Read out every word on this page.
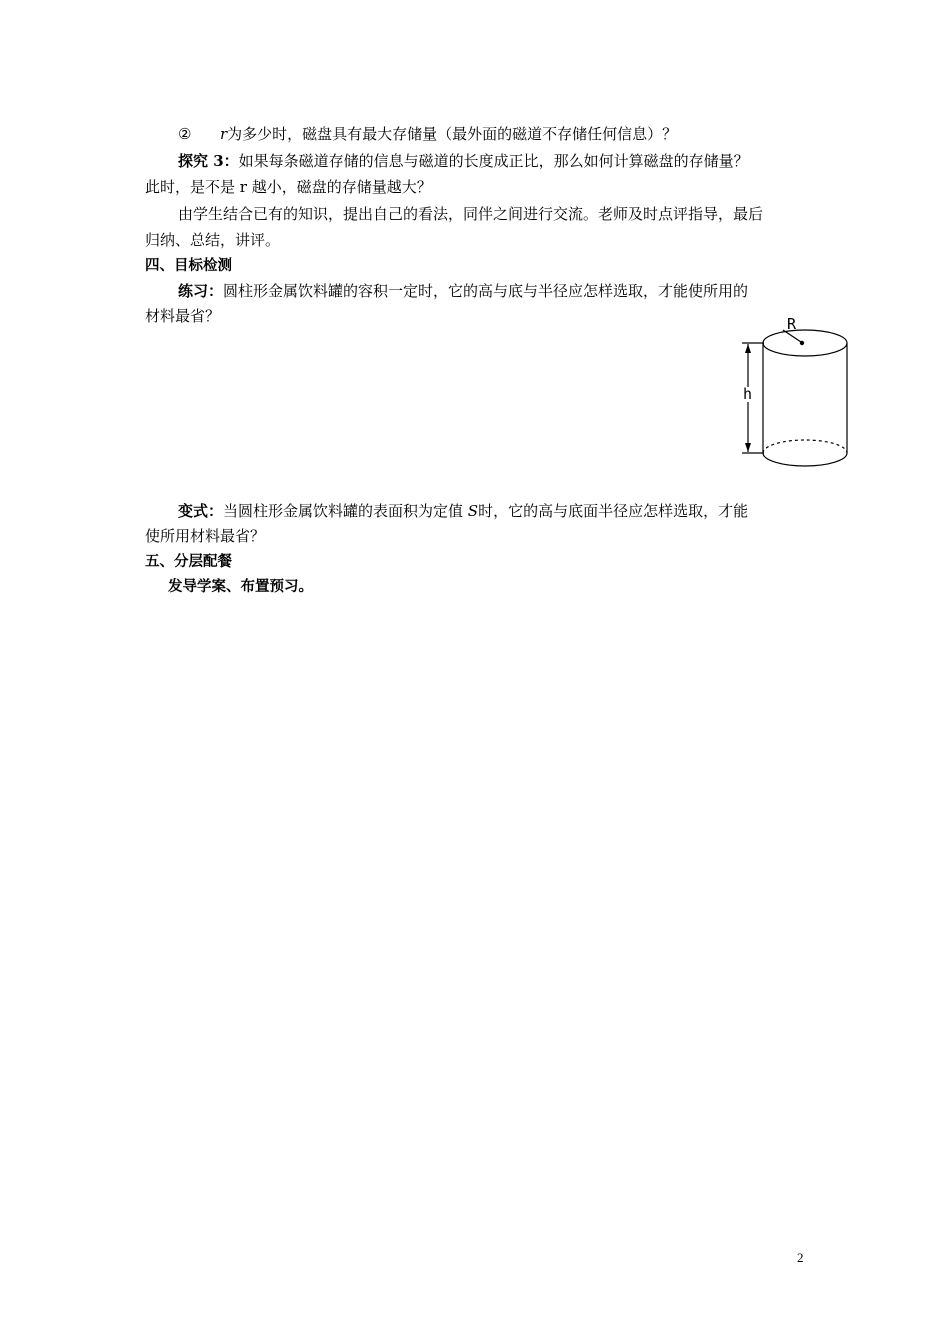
② r为多少时，磁盘具有最大存储量（最外面的磁道不存储任何信息）？
探究 3：如果每条磁道存储的信息与磁道的长度成正比，那么如何计算磁盘的存储量？
此时，是不是 r 越小，磁盘的存储量越大？
由学生结合已有的知识，提出自己的看法，同伴之间进行交流。老师及时点评指导，最后
归纳、总结，讲评。
四、目标检测
练习：圆柱形金属饮料罐的容积一定时，它的高与底与半径应怎样选取，才能使所用的
材料最省？	R
h
变式：当圆柱形金属饮料罐的表面积为定值 S时，它的高与底面半径应怎样选取，才能
使所用材料最省？
五、分层配餐
发导学案、布置预习。
2
